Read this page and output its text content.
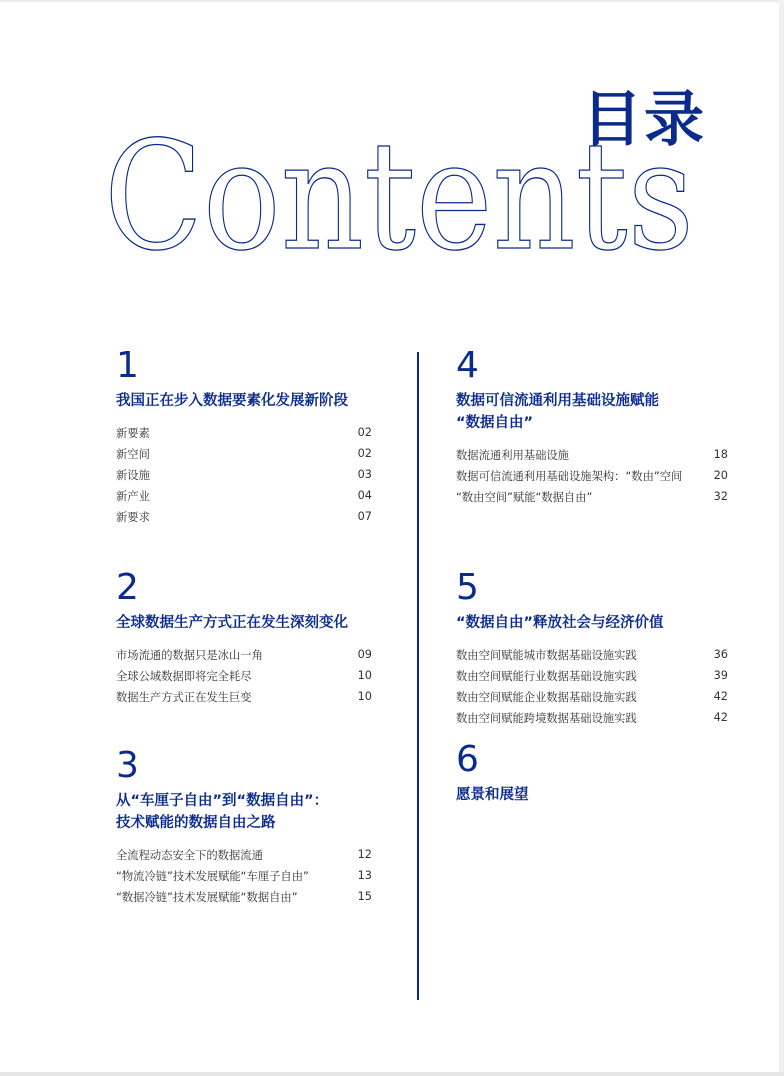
目录
Contents
1
我国正在步入数据要素化发展新阶段
新要素	02
新空间	02
新设施	03
新产业	04
新要求	07
2
全球数据生产方式正在发生深刻变化
市场流通的数据只是冰山一角	09
全球公域数据即将完全耗尽	10
数据生产方式正在发生巨变	10
3
从“车厘子自由”到“数据自由”：
技术赋能的数据自由之路
全流程动态安全下的数据流通	12
“物流冷链”技术发展赋能“车厘子自由”	13
“数据冷链”技术发展赋能“数据自由”	15
4
数据可信流通利用基础设施赋能
“数据自由”
数据流通利用基础设施	18
数据可信流通利用基础设施架构：“数由”空间	20
“数由空间”赋能“数据自由”	32
5
“数据自由”释放社会与经济价值
数由空间赋能城市数据基础设施实践	36
数由空间赋能行业数据基础设施实践	39
数由空间赋能企业数据基础设施实践	42
数由空间赋能跨境数据基础设施实践	42
6
愿景和展望
